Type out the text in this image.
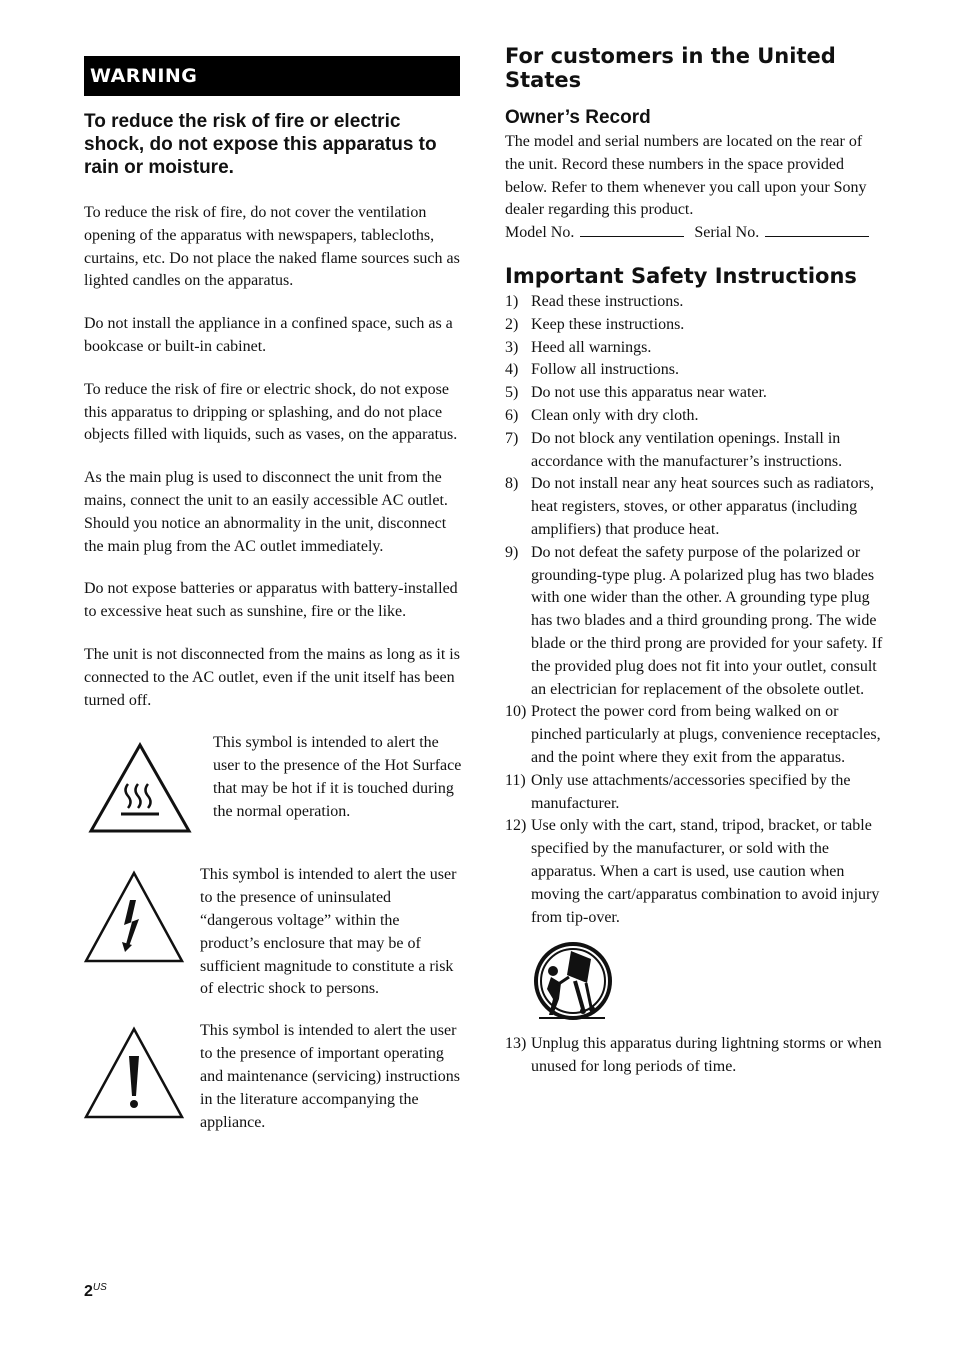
WARNING
To reduce the risk of fire or electric shock, do not expose this apparatus to rain or moisture.

To reduce the risk of fire, do not cover the ventilation opening of the apparatus with newspapers, tablecloths, curtains, etc. Do not place the naked flame sources such as lighted candles on the apparatus.

Do not install the appliance in a confined space, such as a bookcase or built-in cabinet.

To reduce the risk of fire or electric shock, do not expose this apparatus to dripping or splashing, and do not place objects filled with liquids, such as vases, on the apparatus.

As the main plug is used to disconnect the unit from the mains, connect the unit to an easily accessible AC outlet. Should you notice an abnormality in the unit, disconnect the main plug from the AC outlet immediately.

Do not expose batteries or apparatus with battery-installed to excessive heat such as sunshine, fire or the like.

The unit is not disconnected from the mains as long as it is connected to the AC outlet, even if the unit itself has been turned off.

This symbol is intended to alert the user to the presence of the Hot Surface that may be hot if it is touched during the normal operation.
This symbol is intended to alert the user to the presence of uninsulated “dangerous voltage” within the product’s enclosure that may be of sufficient magnitude to constitute a risk of electric shock to persons.
This symbol is intended to alert the user to the presence of important operating and maintenance (servicing) instructions in the literature accompanying the appliance.
For customers in the United States
Owner’s Record

The model and serial numbers are located on the rear of the unit. Record these numbers in the space provided below. Refer to them whenever you call upon your Sony dealer regarding this product.

Model No.	Serial No.
Important Safety Instructions
1) Read these instructions.
2) Keep these instructions.
3) Heed all warnings.
4) Follow all instructions.
5) Do not use this apparatus near water.
6) Clean only with dry cloth.
7) Do not block any ventilation openings. Install in accordance with the manufacturer’s instructions.
8) Do not install near any heat sources such as radiators, heat registers, stoves, or other apparatus (including amplifiers) that produce heat.
9) Do not defeat the safety purpose of the polarized or grounding-type plug. A polarized plug has two blades with one wider than the other. A grounding type plug has two blades and a third grounding prong. The wide blade or the third prong are provided for your safety. If the provided plug does not fit into your outlet, consult an electrician for replacement of the obsolete outlet.
10) Protect the power cord from being walked on or pinched particularly at plugs, convenience receptacles, and the point where they exit from the apparatus.
11) Only use attachments/accessories specified by the manufacturer.
12) Use only with the cart, stand, tripod, bracket, or table specified by the manufacturer, or sold with the apparatus. When a cart is used, use caution when moving the cart/apparatus combination to avoid injury from tip-over.
13) Unplug this apparatus during lightning storms or when unused for long periods of time.
$2^{US}$
